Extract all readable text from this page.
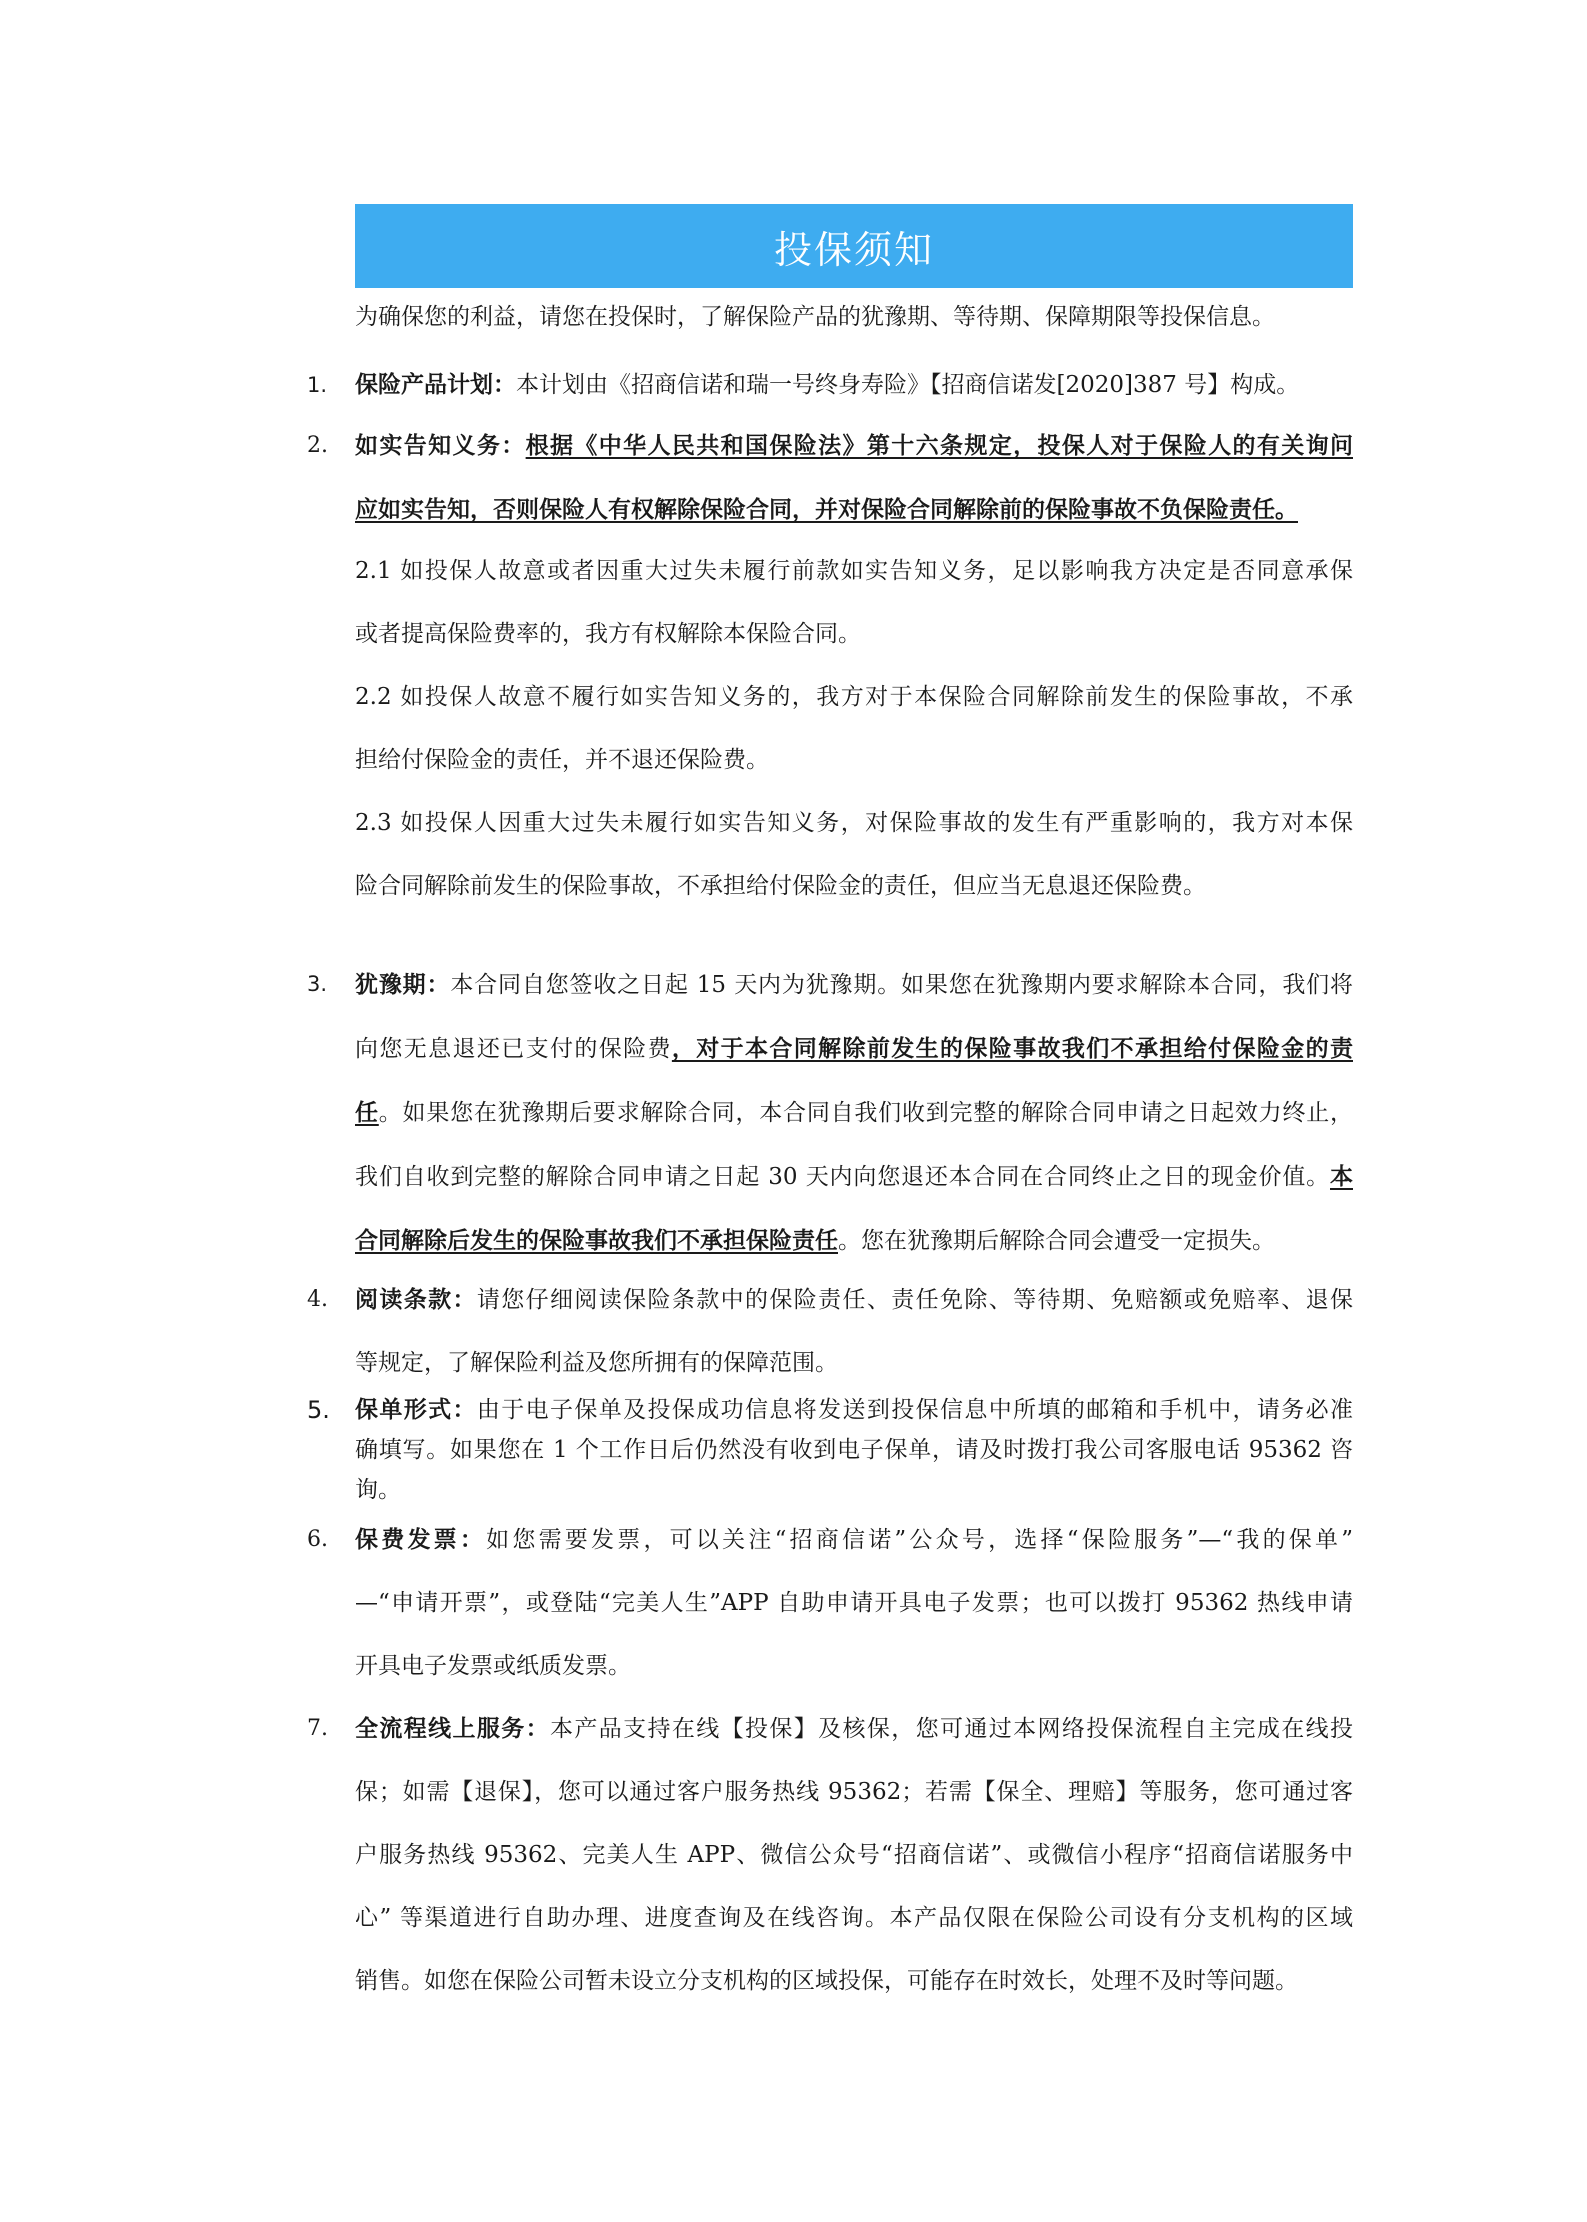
投保须知
为确保您的利益，请您在投保时，了解保险产品的犹豫期、等待期、保障期限等投保信息。
1. 保险产品计划：本计划由《招商信诺和瑞一号终身寿险》【招商信诺发[2020]387 号】构成。
2. 如实告知义务：根据《中华人民共和国保险法》第十六条规定，投保人对于保险人的有关询问
应如实告知，否则保险人有权解除保险合同，并对保险合同解除前的保险事故不负保险责任。
2.1 如投保人故意或者因重大过失未履行前款如实告知义务，足以影响我方决定是否同意承保
或者提高保险费率的，我方有权解除本保险合同。
2.2 如投保人故意不履行如实告知义务的，我方对于本保险合同解除前发生的保险事故，不承
担给付保险金的责任，并不退还保险费。
2.3 如投保人因重大过失未履行如实告知义务，对保险事故的发生有严重影响的，我方对本保
险合同解除前发生的保险事故，不承担给付保险金的责任，但应当无息退还保险费。
3. 犹豫期：本合同自您签收之日起 15 天内为犹豫期。如果您在犹豫期内要求解除本合同，我们将
向您无息退还已支付的保险费，对于本合同解除前发生的保险事故我们不承担给付保险金的责
任。如果您在犹豫期后要求解除合同，本合同自我们收到完整的解除合同申请之日起效力终止，
我们自收到完整的解除合同申请之日起 30 天内向您退还本合同在合同终止之日的现金价值。本
合同解除后发生的保险事故我们不承担保险责任。您在犹豫期后解除合同会遭受一定损失。
4. 阅读条款：请您仔细阅读保险条款中的保险责任、责任免除、等待期、免赔额或免赔率、退保
等规定，了解保险利益及您所拥有的保障范围。
5. 保单形式：由于电子保单及投保成功信息将发送到投保信息中所填的邮箱和手机中，请务必准
确填写。如果您在 1 个工作日后仍然没有收到电子保单，请及时拨打我公司客服电话 95362 咨
询。
6. 保费发票：如您需要发票，可以关注“招商信诺”公众号，选择“保险服务”—“我的保单”
—“申请开票”，或登陆“完美人生”APP 自助申请开具电子发票；也可以拨打 95362 热线申请
开具电子发票或纸质发票。
7. 全流程线上服务：本产品支持在线【投保】及核保，您可通过本网络投保流程自主完成在线投
保；如需【退保】，您可以通过客户服务热线 95362；若需【保全、理赔】等服务，您可通过客
户服务热线 95362、完美人生 APP、微信公众号“招商信诺”、或微信小程序“招商信诺服务中
心” 等渠道进行自助办理、进度查询及在线咨询。本产品仅限在保险公司设有分支机构的区域
销售。如您在保险公司暂未设立分支机构的区域投保，可能存在时效长，处理不及时等问题。
